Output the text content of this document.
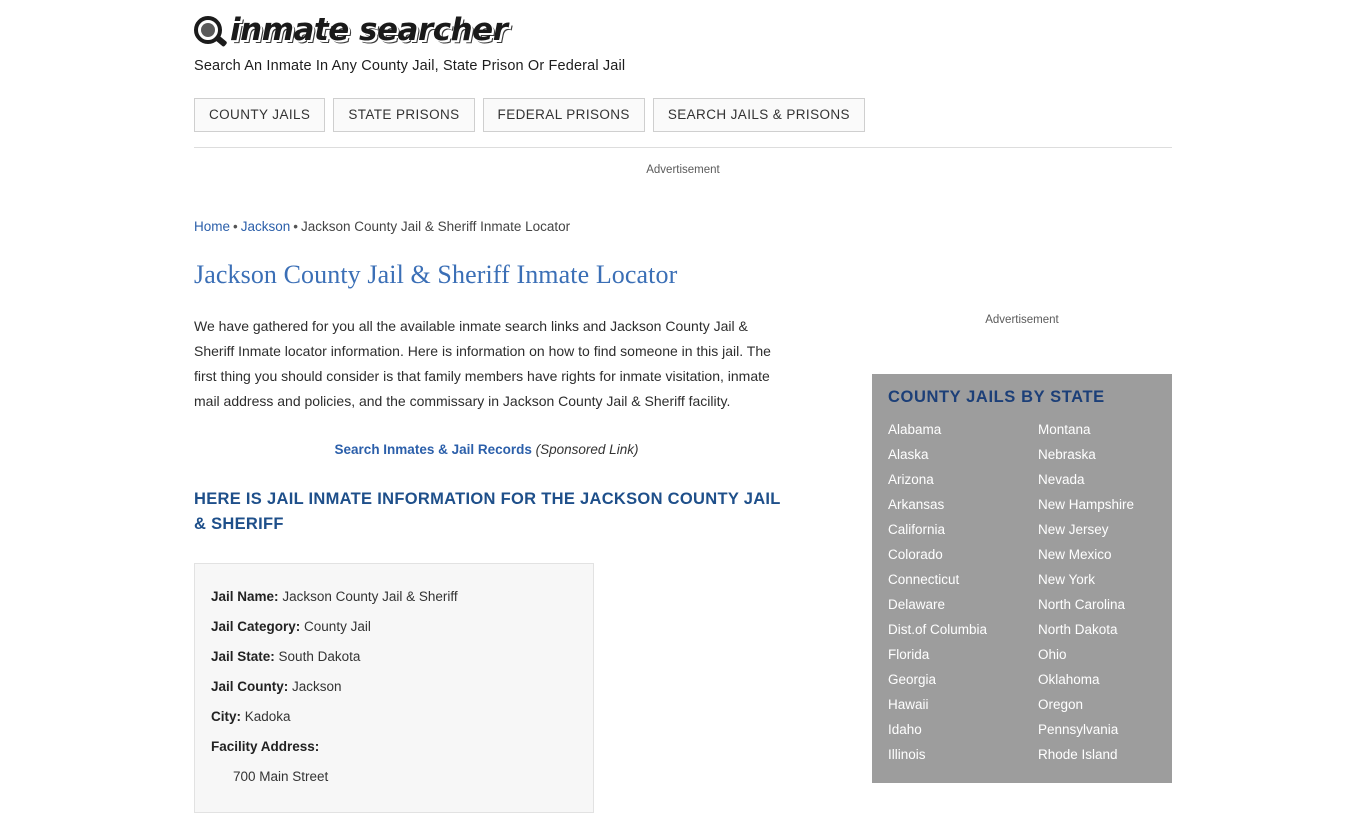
inmate searcher
Search An Inmate In Any County Jail, State Prison Or Federal Jail
COUNTY JAILS	STATE PRISONS	FEDERAL PRISONS	SEARCH JAILS & PRISONS
Advertisement
Advertisement
Home • Jackson • Jackson County Jail & Sheriff Inmate Locator
Jackson County Jail & Sheriff Inmate Locator

We have gathered for you all the available inmate search links and Jackson County Jail & Sheriff Inmate locator information. Here is information on how to find someone in this jail. The first thing you should consider is that family members have rights for inmate visitation, inmate mail address and policies, and the commissary in Jackson County Jail & Sheriff facility.

Search Inmates & Jail Records (Sponsored Link)
HERE IS JAIL INMATE INFORMATION FOR THE JACKSON COUNTY JAIL & SHERIFF
Jail Name: Jackson County Jail & Sheriff
Jail Category: County Jail
Jail State: South Dakota
Jail County: Jackson
City: Kadoka
Facility Address:
700 Main Street
COUNTY JAILS BY STATE
Alabama
Alaska
Arizona
Arkansas
California
Colorado
Connecticut
Delaware
Dist.of Columbia
Florida
Georgia
Hawaii
Idaho
Illinois
Montana
Nebraska
Nevada
New Hampshire
New Jersey
New Mexico
New York
North Carolina
North Dakota
Ohio
Oklahoma
Oregon
Pennsylvania
Rhode Island
